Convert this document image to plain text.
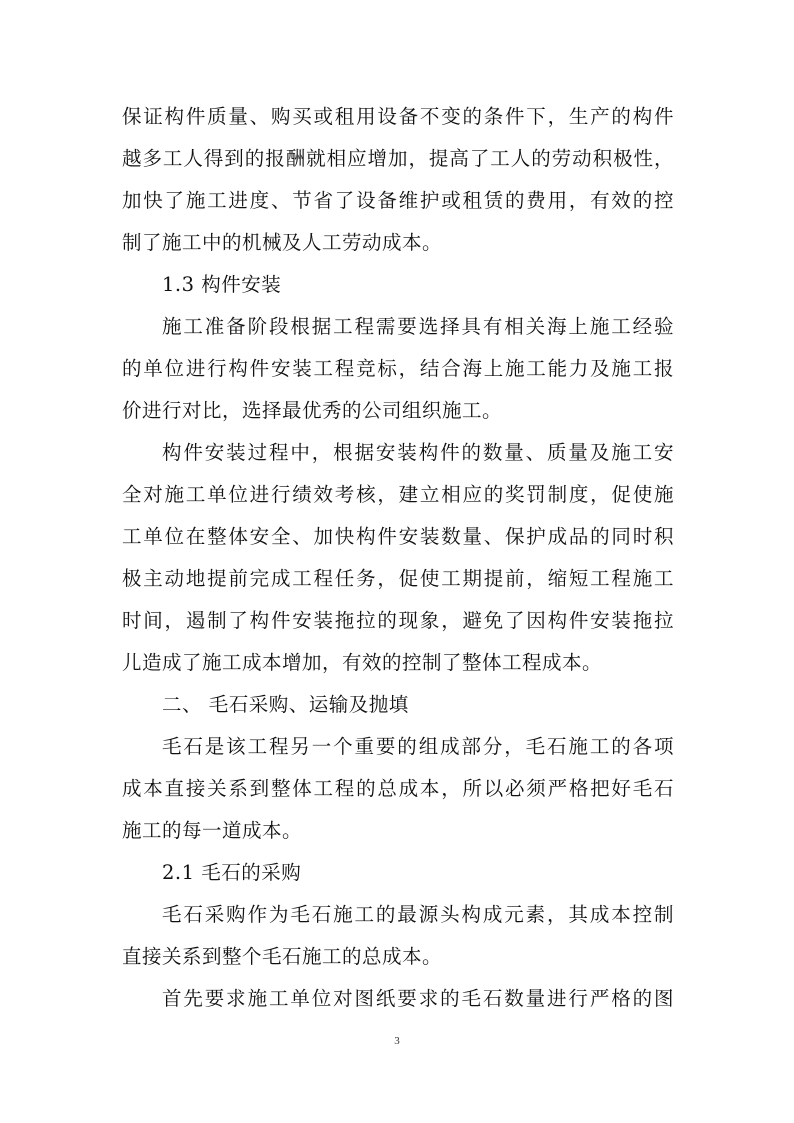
保证构件质量、购买或租用设备不变的条件下，生产的构件
越多工人得到的报酬就相应增加，提高了工人的劳动积极性，
加快了施工进度、节省了设备维护或租赁的费用，有效的控
制了施工中的机械及人工劳动成本。
1.3 构件安装
施工准备阶段根据工程需要选择具有相关海上施工经验
的单位进行构件安装工程竞标，结合海上施工能力及施工报
价进行对比，选择最优秀的公司组织施工。
构件安装过程中，根据安装构件的数量、质量及施工安
全对施工单位进行绩效考核，建立相应的奖罚制度，促使施
工单位在整体安全、加快构件安装数量、保护成品的同时积
极主动地提前完成工程任务，促使工期提前，缩短工程施工
时间，遏制了构件安装拖拉的现象，避免了因构件安装拖拉
儿造成了施工成本增加，有效的控制了整体工程成本。
二、 毛石采购、运输及抛填
毛石是该工程另一个重要的组成部分，毛石施工的各项
成本直接关系到整体工程的总成本，所以必须严格把好毛石
施工的每一道成本。
2.1 毛石的采购
毛石采购作为毛石施工的最源头构成元素，其成本控制
直接关系到整个毛石施工的总成本。
首先要求施工单位对图纸要求的毛石数量进行严格的图
3
